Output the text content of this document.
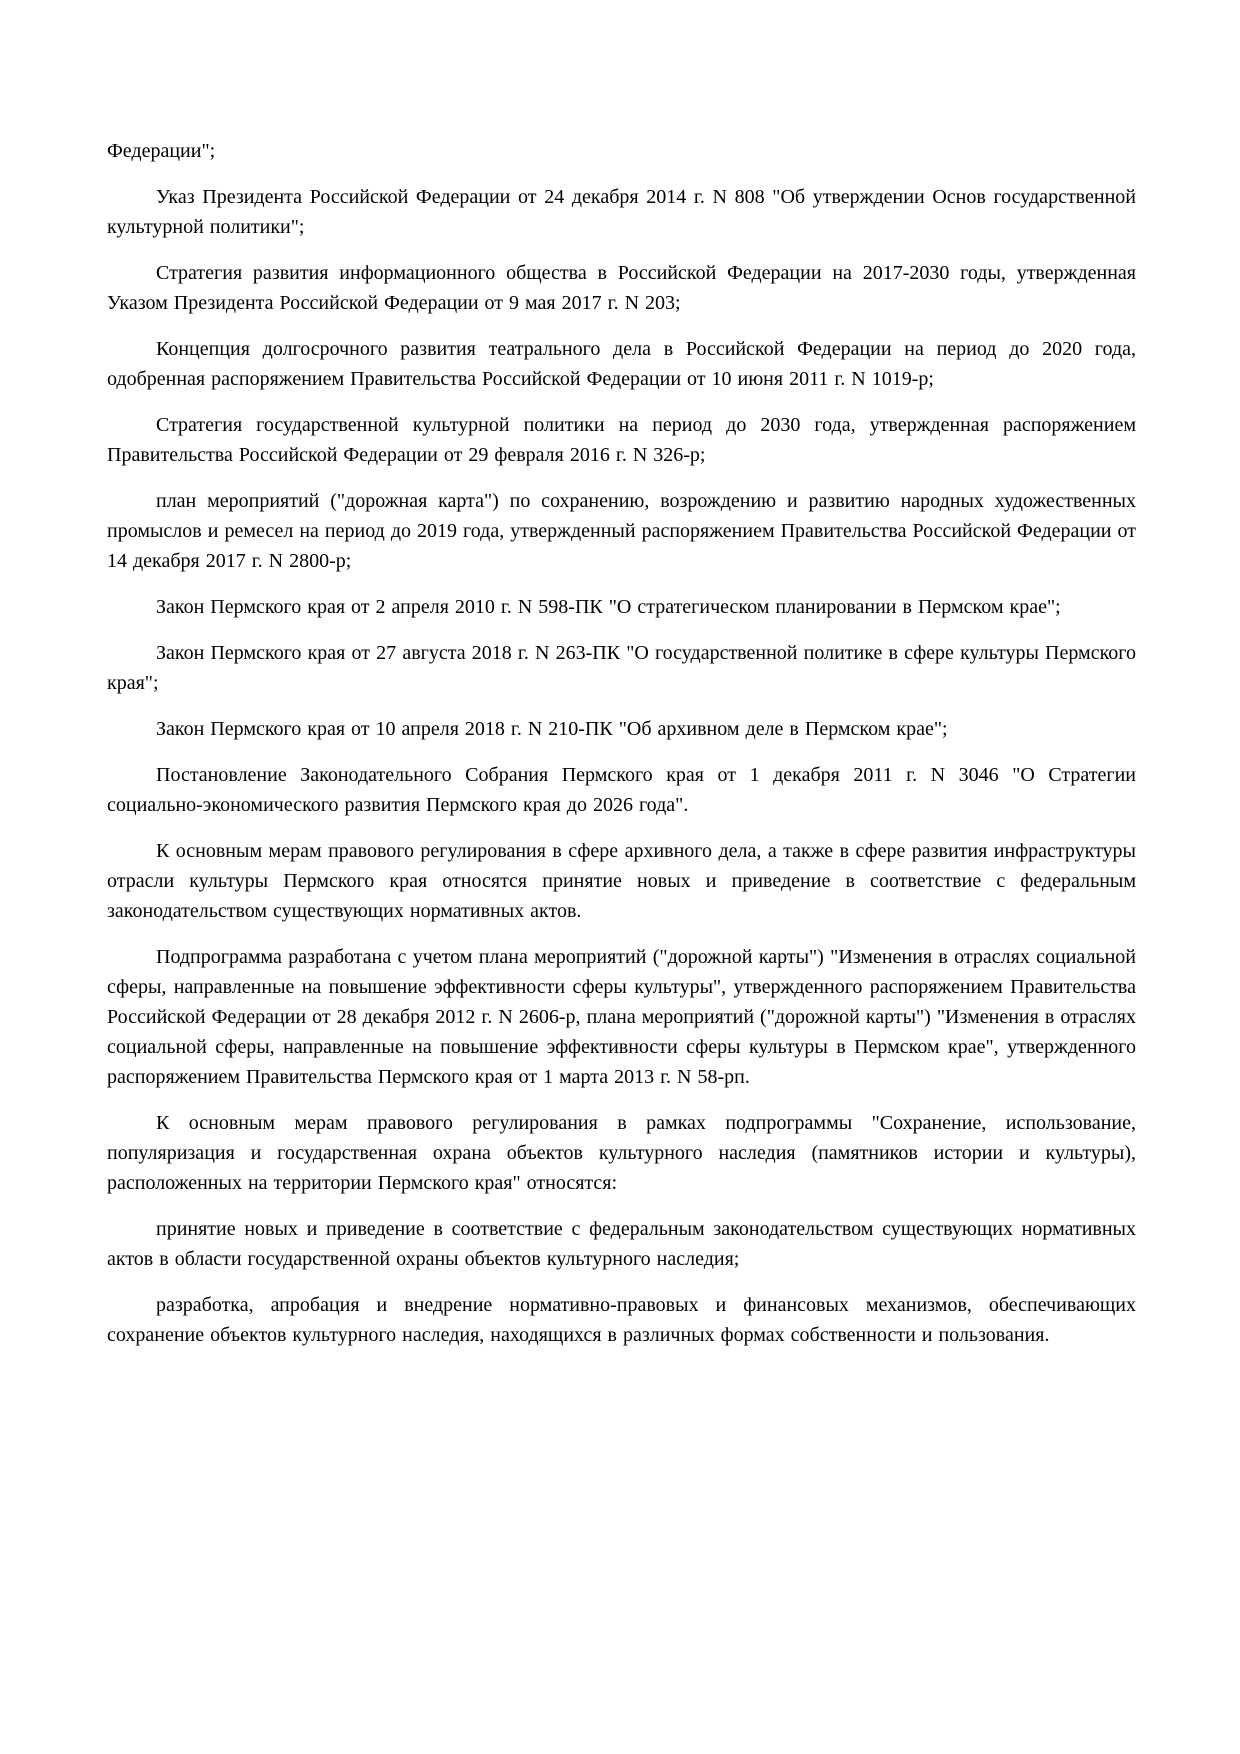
Федерации";

Указ Президента Российской Федерации от 24 декабря 2014 г. N 808 "Об утверждении Основ государственной культурной политики";

Стратегия развития информационного общества в Российской Федерации на 2017-2030 годы, утвержденная Указом Президента Российской Федерации от 9 мая 2017 г. N 203;

Концепция долгосрочного развития театрального дела в Российской Федерации на период до 2020 года, одобренная распоряжением Правительства Российской Федерации от 10 июня 2011 г. N 1019-р;

Стратегия государственной культурной политики на период до 2030 года, утвержденная распоряжением Правительства Российской Федерации от 29 февраля 2016 г. N 326-р;

план мероприятий ("дорожная карта") по сохранению, возрождению и развитию народных художественных промыслов и ремесел на период до 2019 года, утвержденный распоряжением Правительства Российской Федерации от 14 декабря 2017 г. N 2800-р;

Закон Пермского края от 2 апреля 2010 г. N 598-ПК "О стратегическом планировании в Пермском крае";

Закон Пермского края от 27 августа 2018 г. N 263-ПК "О государственной политике в сфере культуры Пермского края";

Закон Пермского края от 10 апреля 2018 г. N 210-ПК "Об архивном деле в Пермском крае";

Постановление Законодательного Собрания Пермского края от 1 декабря 2011 г. N 3046 "О Стратегии социально-экономического развития Пермского края до 2026 года".

К основным мерам правового регулирования в сфере архивного дела, а также в сфере развития инфраструктуры отрасли культуры Пермского края относятся принятие новых и приведение в соответствие с федеральным законодательством существующих нормативных актов.

Подпрограмма разработана с учетом плана мероприятий ("дорожной карты") "Изменения в отраслях социальной сферы, направленные на повышение эффективности сферы культуры", утвержденного распоряжением Правительства Российской Федерации от 28 декабря 2012 г. N 2606-р, плана мероприятий ("дорожной карты") "Изменения в отраслях социальной сферы, направленные на повышение эффективности сферы культуры в Пермском крае", утвержденного распоряжением Правительства Пермского края от 1 марта 2013 г. N 58-рп.

К основным мерам правового регулирования в рамках подпрограммы "Сохранение, использование, популяризация и государственная охрана объектов культурного наследия (памятников истории и культуры), расположенных на территории Пермского края" относятся:

принятие новых и приведение в соответствие с федеральным законодательством существующих нормативных актов в области государственной охраны объектов культурного наследия;

разработка, апробация и внедрение нормативно-правовых и финансовых механизмов, обеспечивающих сохранение объектов культурного наследия, находящихся в различных формах собственности и пользования.
